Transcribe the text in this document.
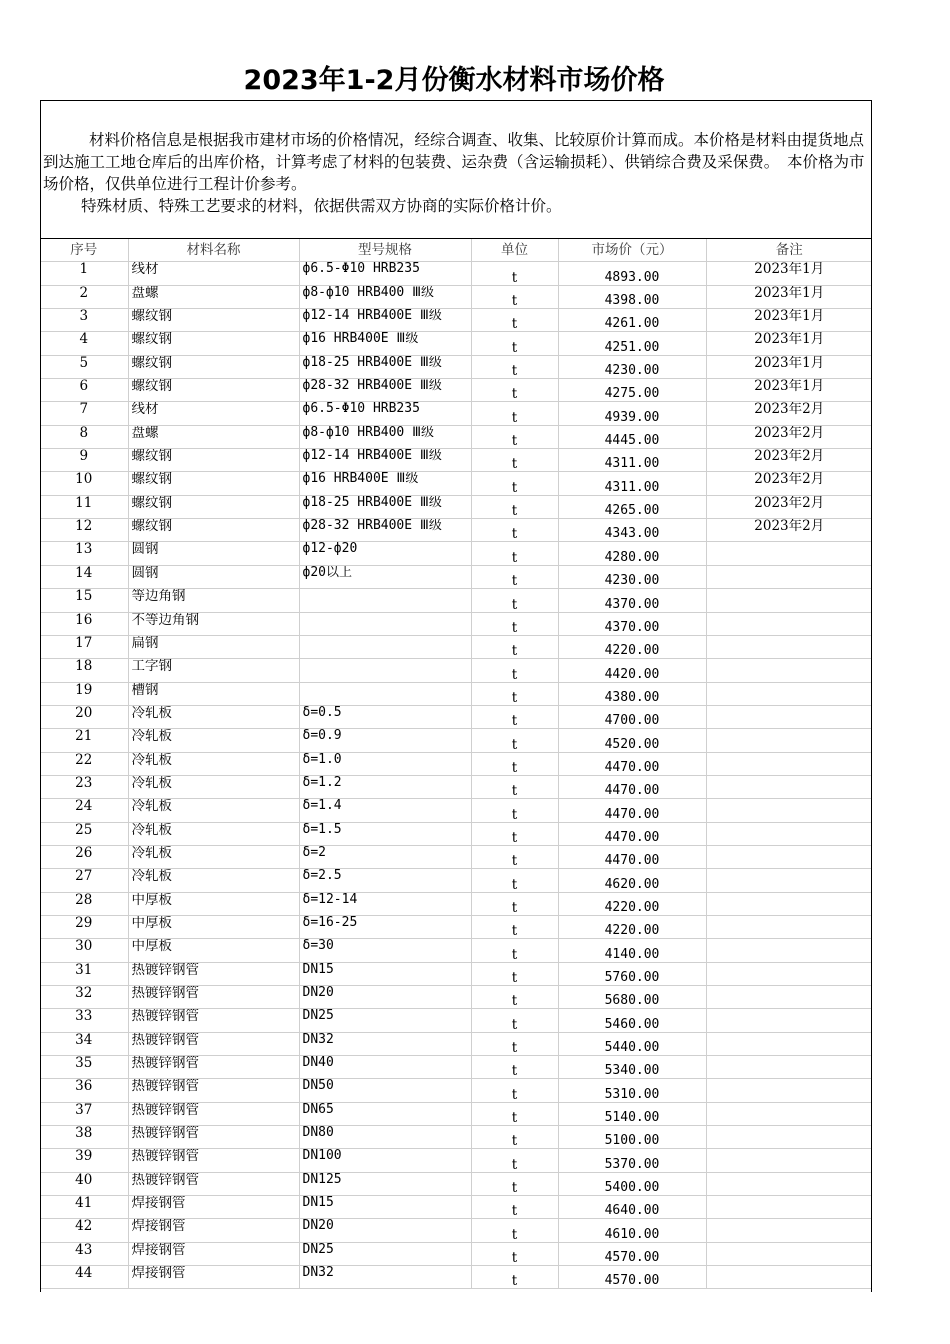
2023年1-2月份衡水材料市场价格

材料价格信息是根据我市建材市场的价格情况，经综合调查、收集、比较原价计算而成。本价格是材料由提货地点到达施工工地仓库后的出库价格，计算考虑了材料的包装费、运杂费（含运输损耗）、供销综合费及采保费。　本价格为市场价格，仅供单位进行工程计价参考。

特殊材质、特殊工艺要求的材料，依据供需双方协商的实际价格计价。

序号	材料名称	型号规格	单位	市场价（元）	备注
1	线材	ф6.5-Φ10 HRB235	t	4893.00	2023年1月
2	盘螺	ф8-ф10 HRB400 Ⅲ级	t	4398.00	2023年1月
3	螺纹钢	ф12-14 HRB400E Ⅲ级	t	4261.00	2023年1月
4	螺纹钢	ф16 HRB400E Ⅲ级	t	4251.00	2023年1月
5	螺纹钢	ф18-25 HRB400E Ⅲ级	t	4230.00	2023年1月
6	螺纹钢	ф28-32 HRB400E Ⅲ级	t	4275.00	2023年1月
7	线材	ф6.5-Φ10 HRB235	t	4939.00	2023年2月
8	盘螺	ф8-ф10 HRB400 Ⅲ级	t	4445.00	2023年2月
9	螺纹钢	ф12-14 HRB400E Ⅲ级	t	4311.00	2023年2月
10	螺纹钢	ф16 HRB400E Ⅲ级	t	4311.00	2023年2月
11	螺纹钢	ф18-25 HRB400E Ⅲ级	t	4265.00	2023年2月
12	螺纹钢	ф28-32 HRB400E Ⅲ级	t	4343.00	2023年2月
13	圆钢	ф12-ф20	t	4280.00	
14	圆钢	ф20以上	t	4230.00	
15	等边角钢		t	4370.00	
16	不等边角钢		t	4370.00	
17	扁钢		t	4220.00	
18	工字钢		t	4420.00	
19	槽钢		t	4380.00	
20	冷轧板	δ=0.5	t	4700.00	
21	冷轧板	δ=0.9	t	4520.00	
22	冷轧板	δ=1.0	t	4470.00	
23	冷轧板	δ=1.2	t	4470.00	
24	冷轧板	δ=1.4	t	4470.00	
25	冷轧板	δ=1.5	t	4470.00	
26	冷轧板	δ=2	t	4470.00	
27	冷轧板	δ=2.5	t	4620.00	
28	中厚板	δ=12-14	t	4220.00	
29	中厚板	δ=16-25	t	4220.00	
30	中厚板	δ=30	t	4140.00	
31	热镀锌钢管	DN15	t	5760.00	
32	热镀锌钢管	DN20	t	5680.00	
33	热镀锌钢管	DN25	t	5460.00	
34	热镀锌钢管	DN32	t	5440.00	
35	热镀锌钢管	DN40	t	5340.00	
36	热镀锌钢管	DN50	t	5310.00	
37	热镀锌钢管	DN65	t	5140.00	
38	热镀锌钢管	DN80	t	5100.00	
39	热镀锌钢管	DN100	t	5370.00	
40	热镀锌钢管	DN125	t	5400.00	
41	焊接钢管	DN15	t	4640.00	
42	焊接钢管	DN20	t	4610.00	
43	焊接钢管	DN25	t	4570.00	
44	焊接钢管	DN32	t	4570.00	
